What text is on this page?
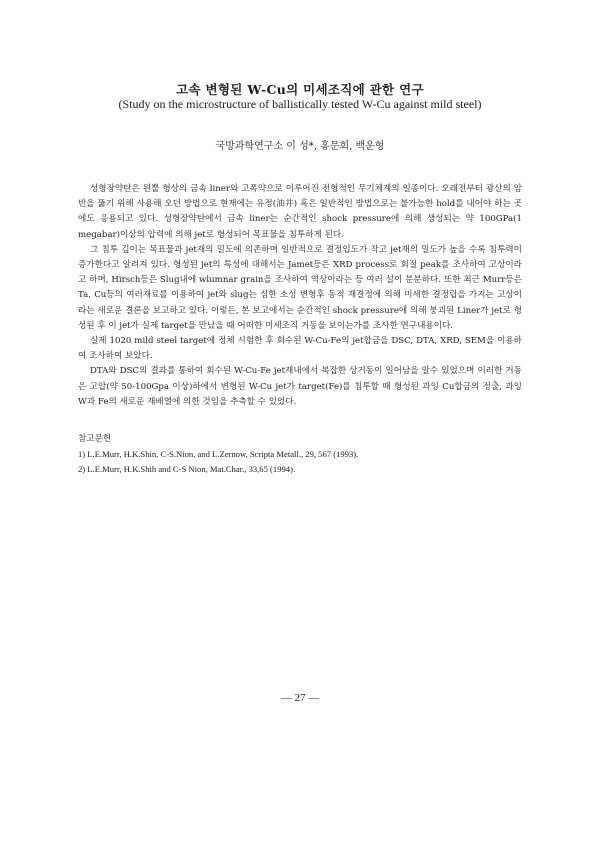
고속 변형된 W-Cu의 미세조직에 관한 연구
(Study on the microstructure of ballistically tested W-Cu against mild steel)
국방과학연구소 이 성*, 홍문희, 백운형

성형장약탄은 원뿔 형상의 금속 liner와 고폭약으로 이루어진 전형적인 무기체계의 일종이다. 오래전부터 광산의 암반을 뚫기 위해 사용해 오던 방법으로 현재에는 유정(油井) 혹은 일반적인 방법으로는 불가능한 hold를 내어야 하는 곳에도 응용되고 있다. 성형장약탄에서 금속 liner는 순간적인 shock pressure에 의해 생성되는 약 100GPa(1 megabar)이상의 압력에 의해 jet로 형성되어 목표물을 침투하게 된다.

그 침투 깊이는 목표물과 jet재의 밀도에 의존하며 일반적으로 결정입도가 작고 jet재의 밀도가 높을 수록 침투력이 증가한다고 알려져 있다. 형성된 jet의 특성에 대해서는 Jamet등은 XRD process로 회절 peak를 조사하여 고상이라고 하며, Hirsch등은 Slug내에 wlumnar grain을 조사하여 역상이라는 등 여러 설이 분분하다. 또한 최근 Murr등은 Ta, Cu등의 여러재료를 이용하여 jet와 slug는 심한 소성 변형후 동적 재결정에 의해 미세한 결정립을 가지는 고상이라는 새로운 결론을 보고하고 있다. 이렇든, 본 보고에서는 순간적인 shock pressure에 의해 붕괴된 Liner가 jet로 형성된 후 이 jet가 실제 target을 만났을 때 어떠한 미세조직 거동을 보이는가를 조사한 연구내용이다.

실제 1020 mild steel target에 정체 시험한 후 회수된 W-Cu-Fe의 jet합금을 DSC, DTA, XRD, SEM을 이용하여 조사하여 보았다.

DTA와 DSC의 결과를 통하여 회수된 W-Cu-Fe jet재내에서 복잡한 상거동이 일어남을 알수 있었으며 이러한 거동은 고압(약 50-100Gpa 이상)하에서 변형된 W-Cu jet가 target(Fe)를 침투할 때 형성된 과잉 Cu합금의 정출, 과잉 W과 Fe의 새로운 재배열에 의한 것임을 추측할 수 있었다.

참고문헌
1) L.E.Murr, H.K.Shin, C-S.Nion, and L.Zernow, Scripta Metall., 29, 567 (1993).
2) L.E.Murr, H.K.Shih and C-S Nion, Mat.Char., 33,65 (1994).
— 27 —
